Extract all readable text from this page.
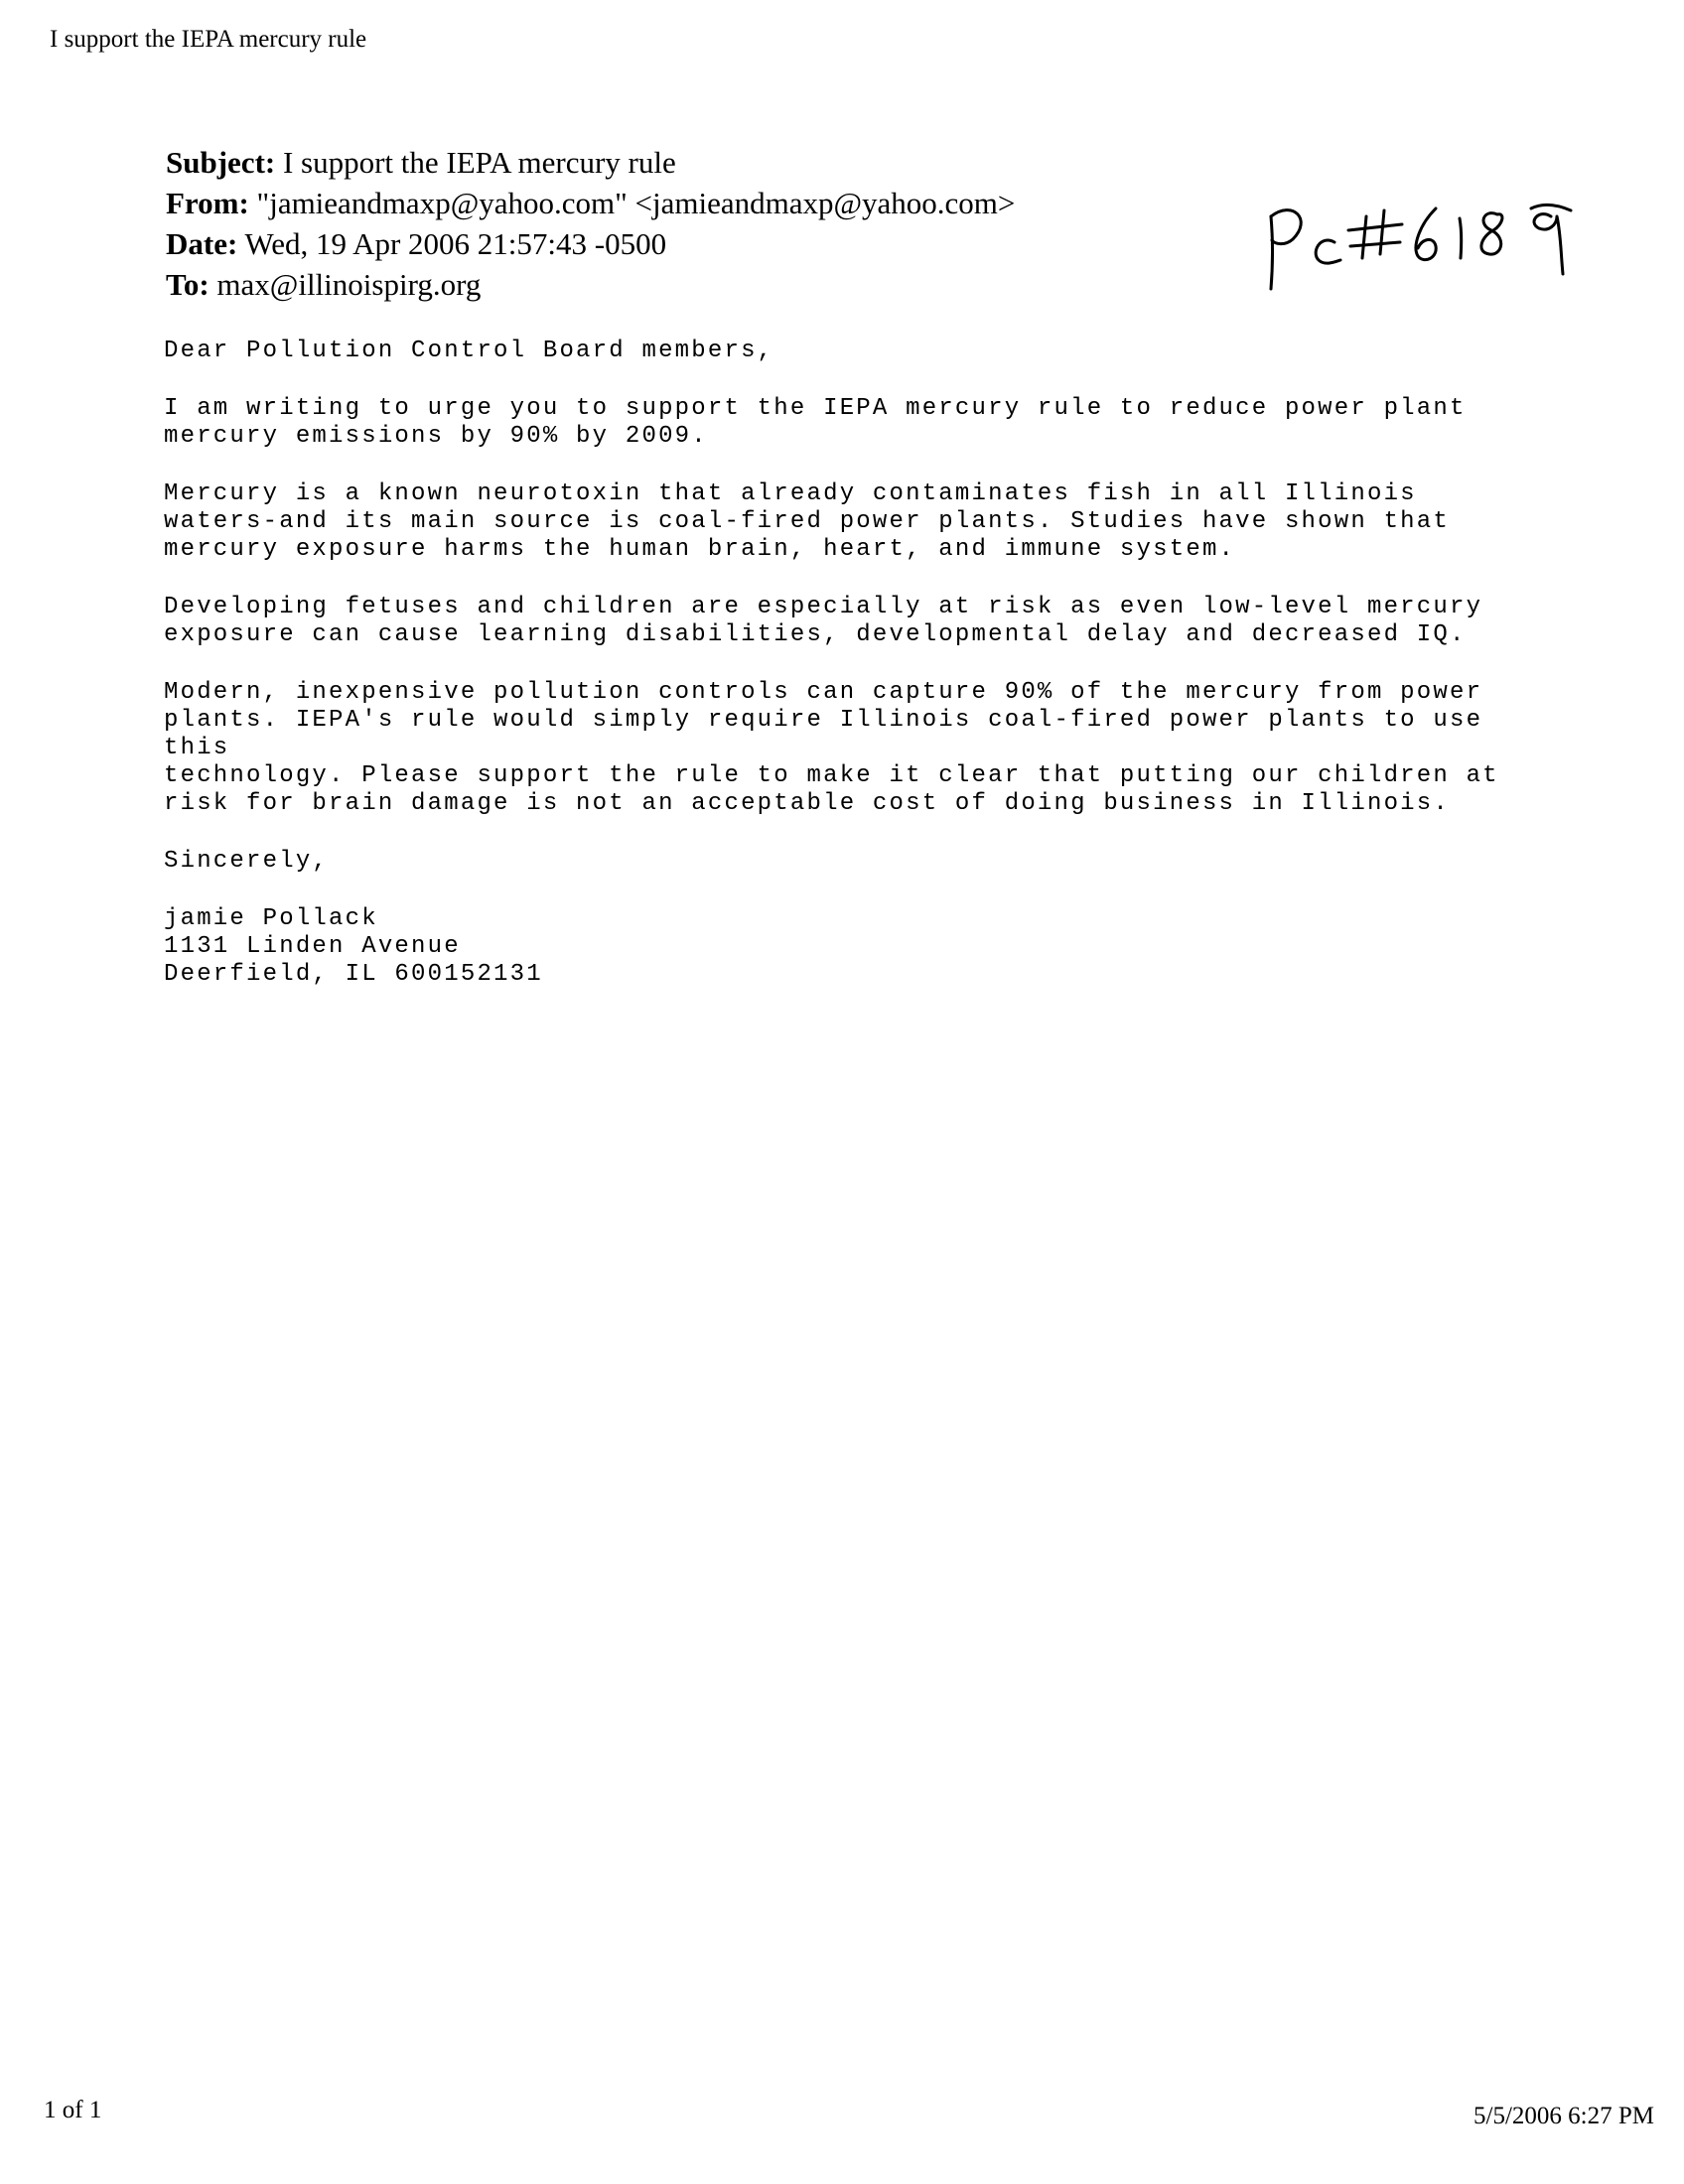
I support the IEPA mercury rule
Subject: I support the IEPA mercury rule
From: "jamieandmaxp@yahoo.com" <jamieandmaxp@yahoo.com>
Date: Wed, 19 Apr 2006 21:57:43 -0500
To: max@illinoispirg.org

Dear Pollution Control Board members,

I am writing to urge you to support the IEPA mercury rule to reduce power plant
mercury emissions by 90% by 2009.

Mercury is a known neurotoxin that already contaminates fish in all Illinois
waters-and its main source is coal-fired power plants. Studies have shown that
mercury exposure harms the human brain, heart, and immune system.

Developing fetuses and children are especially at risk as even low-level mercury
exposure can cause learning disabilities, developmental delay and decreased IQ.

Modern, inexpensive pollution controls can capture 90% of the mercury from power
plants. IEPA's rule would simply require Illinois coal-fired power plants to use this
technology. Please support the rule to make it clear that putting our children at
risk for brain damage is not an acceptable cost of doing business in Illinois.

Sincerely,

jamie Pollack
1131 Linden Avenue
Deerfield, IL 600152131
1 of 1	5/5/2006 6:27 PM
